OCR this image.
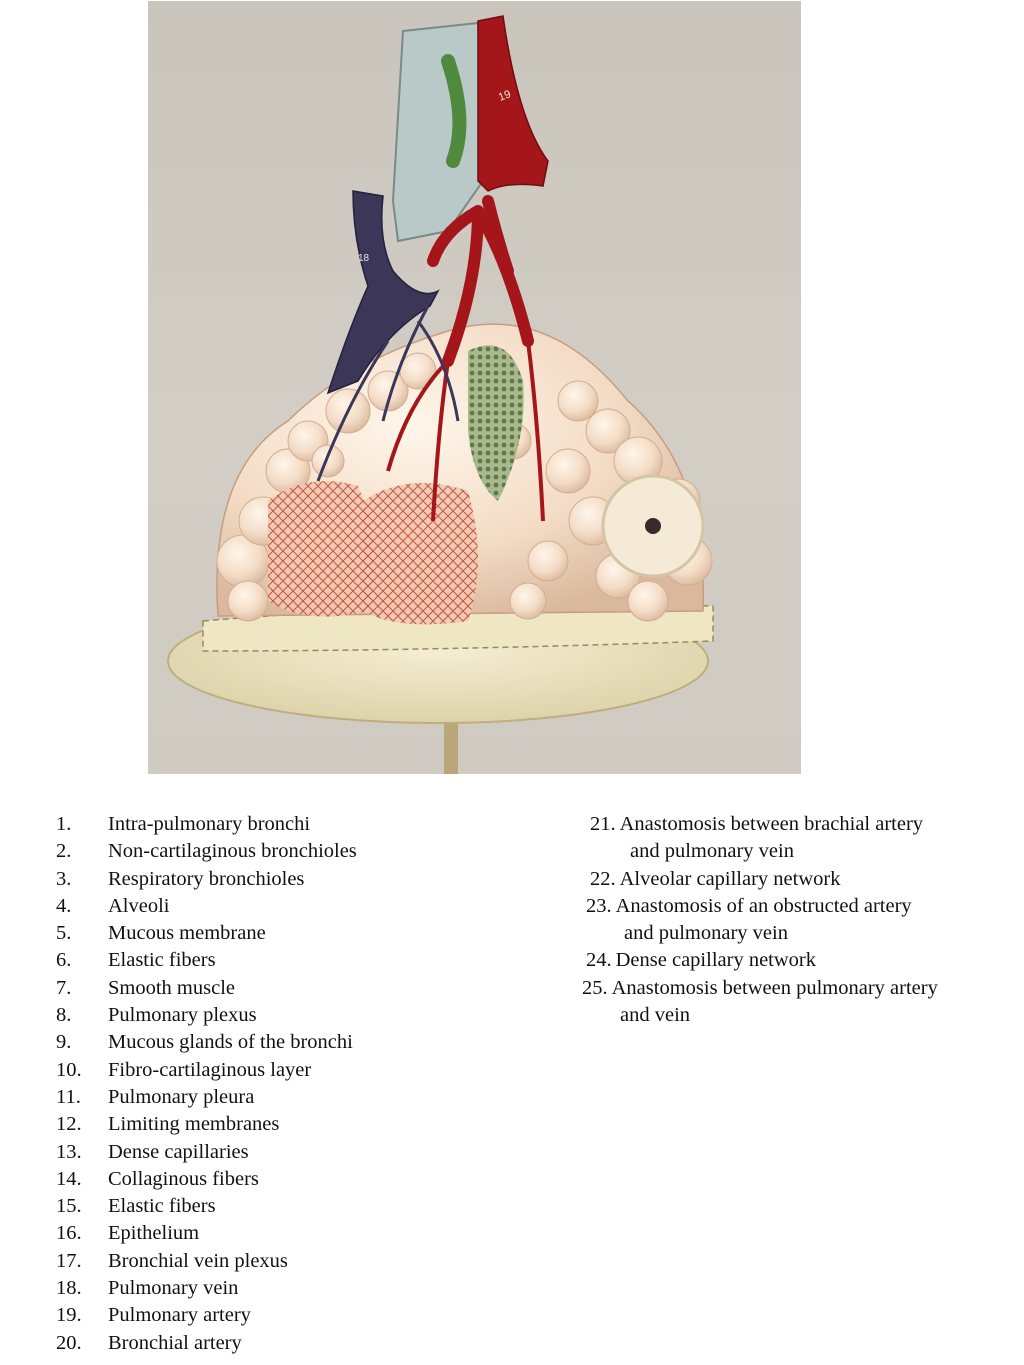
19
18
1.	Intra-pulmonary bronchi
2.	Non-cartilaginous bronchioles
3.	Respiratory bronchioles
4.	Alveoli
5.	Mucous membrane
6.	Elastic fibers
7.	Smooth muscle
8.	Pulmonary plexus
9.	Mucous glands of the bronchi
10.	Fibro-cartilaginous layer
11.	Pulmonary pleura
12.	Limiting membranes
13.	Dense capillaries
14.	Collaginous fibers
15.	Elastic fibers
16.	Epithelium
17.	Bronchial vein plexus
18.	Pulmonary vein
19.	Pulmonary artery
20.	Bronchial artery
21. Anastomosis between brachial artery
and pulmonary vein
22. Alveolar capillary network
23. Anastomosis of an obstructed artery
and pulmonary vein
24. Dense capillary network
25. Anastomosis between pulmonary artery
and vein
